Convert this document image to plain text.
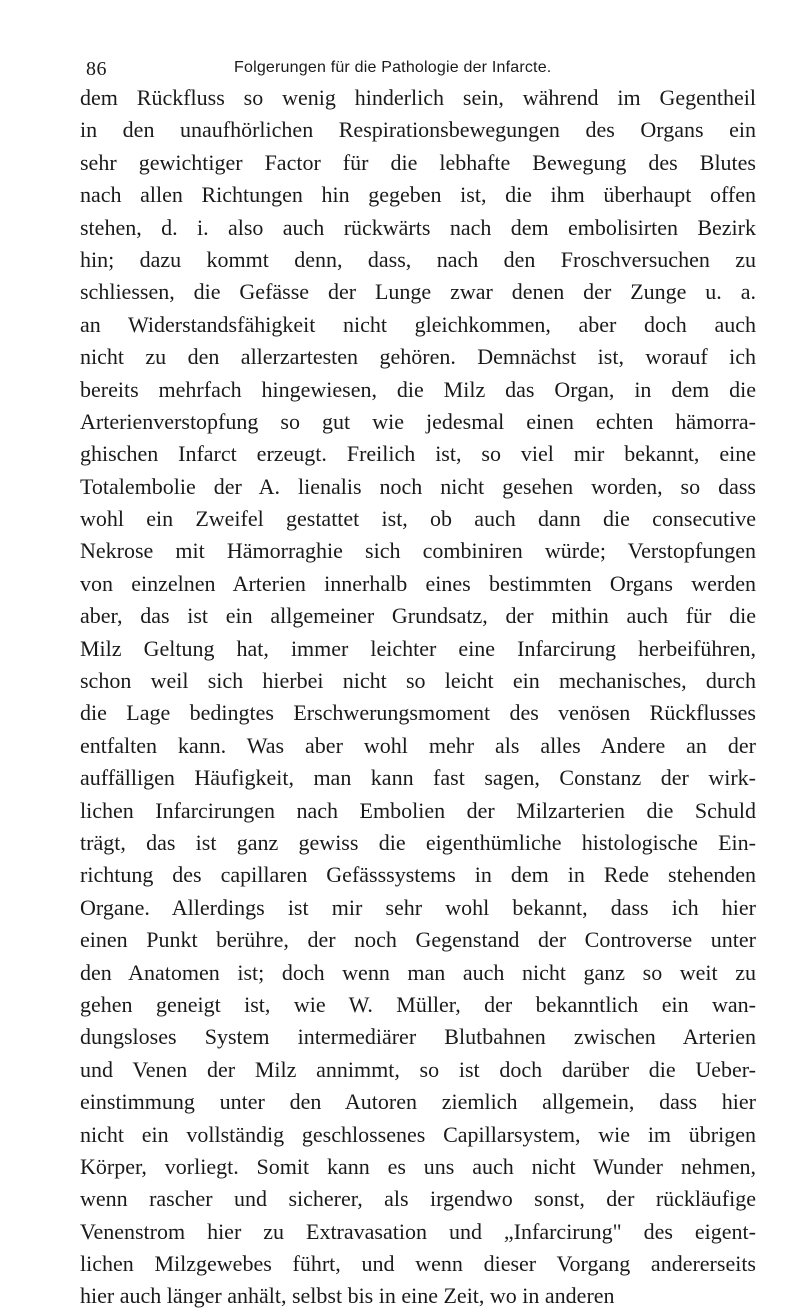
86	Folgerungen für die Pathologie der Infarcte.
dem Rückfluss so wenig hinderlich sein, während im Gegentheil
in den unaufhörlichen Respirationsbewegungen des Organs ein
sehr gewichtiger Factor für die lebhafte Bewegung des Blutes
nach allen Richtungen hin gegeben ist, die ihm überhaupt offen
stehen, d. i. also auch rückwärts nach dem embolisirten Bezirk
hin; dazu kommt denn, dass, nach den Froschversuchen zu
schliessen, die Gefässe der Lunge zwar denen der Zunge u. a.
an Widerstandsfähigkeit nicht gleichkommen, aber doch auch
nicht zu den allerzartesten gehören. Demnächst ist, worauf ich
bereits mehrfach hingewiesen, die Milz das Organ, in dem die
Arterienverstopfung so gut wie jedesmal einen echten hämorra-
ghischen Infarct erzeugt. Freilich ist, so viel mir bekannt, eine
Totalembolie der A. lienalis noch nicht gesehen worden, so dass
wohl ein Zweifel gestattet ist, ob auch dann die consecutive
Nekrose mit Hämorraghie sich combiniren würde; Verstopfungen
von einzelnen Arterien innerhalb eines bestimmten Organs werden
aber, das ist ein allgemeiner Grundsatz, der mithin auch für die
Milz Geltung hat, immer leichter eine Infarcirung herbeiführen,
schon weil sich hierbei nicht so leicht ein mechanisches, durch
die Lage bedingtes Erschwerungsmoment des venösen Rückflusses
entfalten kann. Was aber wohl mehr als alles Andere an der
auffälligen Häufigkeit, man kann fast sagen, Constanz der wirk-
lichen Infarcirungen nach Embolien der Milzarterien die Schuld
trägt, das ist ganz gewiss die eigenthümliche histologische Ein-
richtung des capillaren Gefässsystems in dem in Rede stehenden
Organe. Allerdings ist mir sehr wohl bekannt, dass ich hier
einen Punkt berühre, der noch Gegenstand der Controverse unter
den Anatomen ist; doch wenn man auch nicht ganz so weit zu
gehen geneigt ist, wie W. Müller, der bekanntlich ein wan-
dungsloses System intermediärer Blutbahnen zwischen Arterien
und Venen der Milz annimmt, so ist doch darüber die Ueber-
einstimmung unter den Autoren ziemlich allgemein, dass hier
nicht ein vollständig geschlossenes Capillarsystem, wie im übrigen
Körper, vorliegt. Somit kann es uns auch nicht Wunder nehmen,
wenn rascher und sicherer, als irgendwo sonst, der rückläufige
Venenstrom hier zu Extravasation und „Infarcirung" des eigent-
lichen Milzgewebes führt, und wenn dieser Vorgang andererseits
hier auch länger anhält, selbst bis in eine Zeit, wo in anderen
